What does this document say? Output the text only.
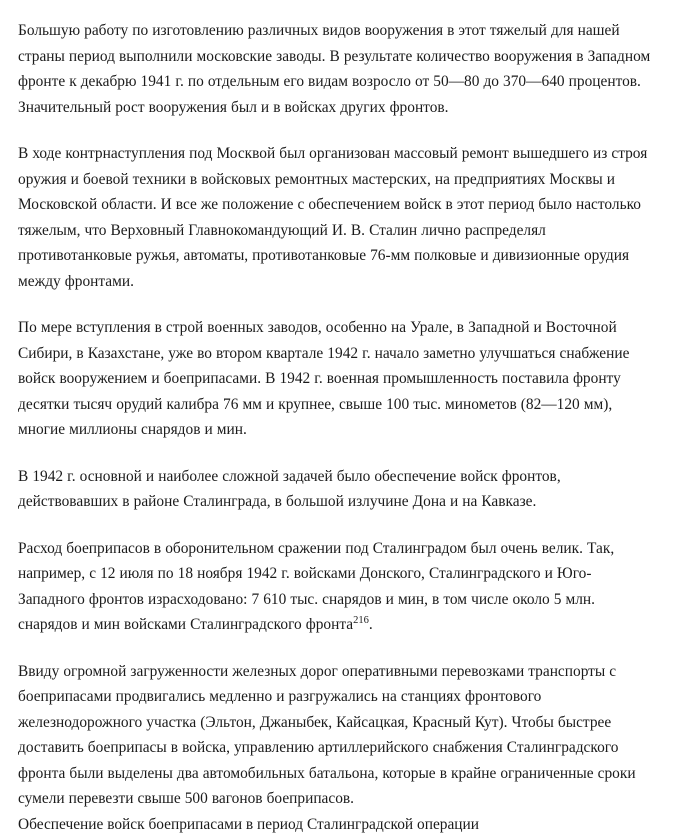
Большую работу по изготовлению различных видов вооружения в этот тяжелый для нашей страны период выполнили московские заводы. В результате количество вооружения в Западном фронте к декабрю 1941 г. по отдельным его видам возросло от 50—80 до 370—640 процентов. Значительный рост вооружения был и в войсках других фронтов.

В ходе контрнаступления под Москвой был организован массовый ремонт вышедшего из строя оружия и боевой техники в войсковых ремонтных мастерских, на предприятиях Москвы и Московской области. И все же положение с обеспечением войск в этот период было настолько тяжелым, что Верховный Главнокомандующий И. В. Сталин лично распределял противотанковые ружья, автоматы, противотанковые 76-мм полковые и дивизионные орудия между фронтами.

По мере вступления в строй военных заводов, особенно на Урале, в Западной и Восточной Сибири, в Казахстане, уже во втором квартале 1942 г. начало заметно улучшаться снабжение войск вооружением и боеприпасами. В 1942 г. военная промышленность поставила фронту десятки тысяч орудий калибра 76 мм и крупнее, свыше 100 тыс. минометов (82—120 мм), многие миллионы снарядов и мин.

В 1942 г. основной и наиболее сложной задачей было обеспечение войск фронтов, действовавших в районе Сталинграда, в большой излучине Дона и на Кавказе.

Расход боеприпасов в оборонительном сражении под Сталинградом был очень велик. Так, например, с 12 июля по 18 ноября 1942 г. войсками Донского, Сталинградского и Юго-Западного фронтов израсходовано: 7 610 тыс. снарядов и мин, в том числе около 5 млн. снарядов и мин войсками Сталинградского фронта$^{216}$.

Ввиду огромной загруженности железных дорог оперативными перевозками транспорты с боеприпасами продвигались медленно и разгружались на станциях фронтового железнодорожного участка (Эльтон, Джаныбек, Кайсацкая, Красный Кут). Чтобы быстрее доставить боеприпасы в войска, управлению артиллерийского снабжения Сталинградского фронта были выделены два автомобильных батальона, которые в крайне ограниченные сроки сумели перевезти свыше 500 вагонов боеприпасов.

Обеспечение войск боеприпасами в период Сталинградской операции
